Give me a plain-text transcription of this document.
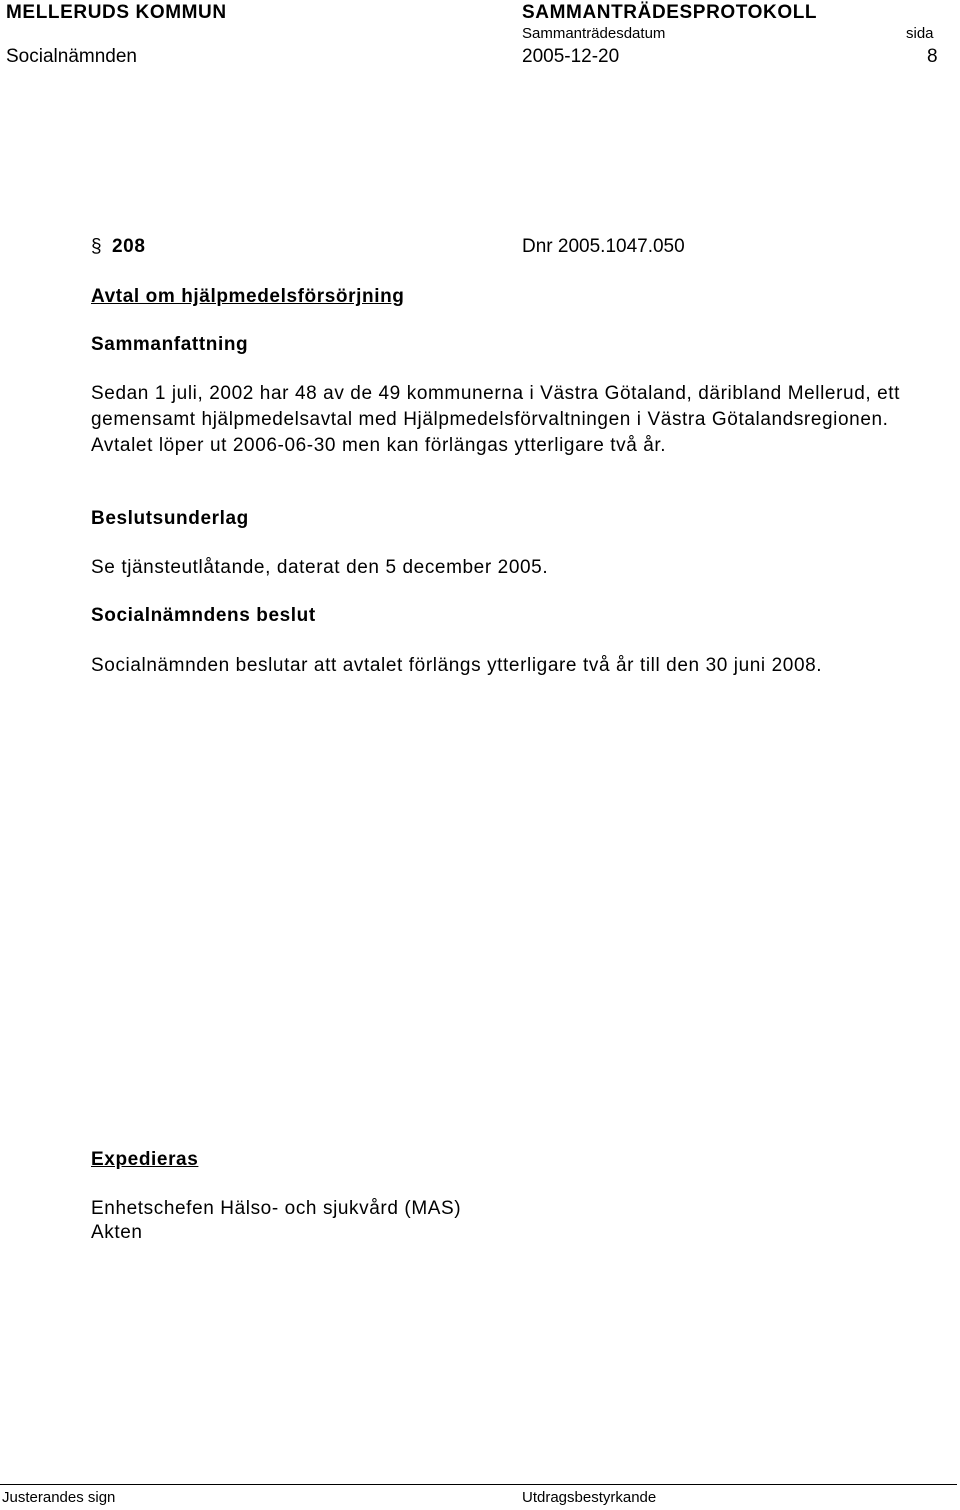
MELLERUDS KOMMUN	SAMMANTRÄDESPROTOKOLL
Sammanträdesdatum	sida
Socialnämnden	2005-12-20	8
§ 208	Dnr 2005.1047.050
Avtal om hjälpmedelsförsörjning
Sammanfattning
Sedan 1 juli, 2002 har 48 av de 49 kommunerna i Västra Götaland, däribland Mellerud, ett gemensamt hjälpmedelsavtal med Hjälpmedelsförvaltningen i Västra Götalandsregionen. Avtalet löper ut 2006-06-30 men kan förlängas ytterligare två år.
Beslutsunderlag
Se tjänsteutlåtande, daterat den 5 december 2005.
Socialnämndens beslut
Socialnämnden beslutar att avtalet förlängs ytterligare två år till den 30 juni 2008.
Expedieras
Enhetschefen Hälso- och sjukvård (MAS)
Akten
Justerandes sign	Utdragsbestyrkande
